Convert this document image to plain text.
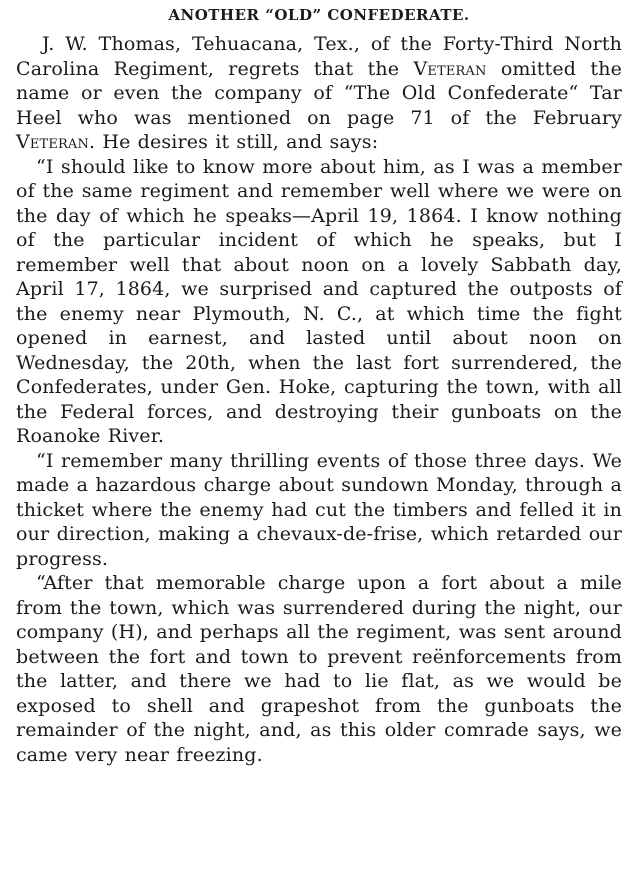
ANOTHER “OLD” CONFEDERATE.

J. W. Thomas, Tehuacana, Tex., of the Forty-Third North Carolina Regiment, regrets that the Veteran omitted the name or even the company of “The Old Confederate“ Tar Heel who was mentioned on page 71 of the February Veteran. He desires it still, and says:

“I should like to know more about him, as I was a member of the same regiment and remember well where we were on the day of which he speaks—April 19, 1864. I know nothing of the particular incident of which he speaks, but I remember well that about noon on a lovely Sabbath day, April 17, 1864, we surprised and captured the outposts of the enemy near Plymouth, N. C., at which time the fight opened in earnest, and lasted until about noon on Wednesday, the 20th, when the last fort surrendered, the Confederates, under Gen. Hoke, capturing the town, with all the Federal forces, and destroying their gunboats on the Roanoke River.

“I remember many thrilling events of those three days. We made a hazardous charge about sundown Monday, through a thicket where the enemy had cut the timbers and felled it in our direction, making a chevaux-de-frise, which retarded our progress.

“After that memorable charge upon a fort about a mile from the town, which was surrendered during the night, our company (H), and perhaps all the regiment, was sent around between the fort and town to prevent reënforcements from the latter, and there we had to lie flat, as we would be exposed to shell and grapeshot from the gunboats the remainder of the night, and, as this older comrade says, we came very near freezing.
